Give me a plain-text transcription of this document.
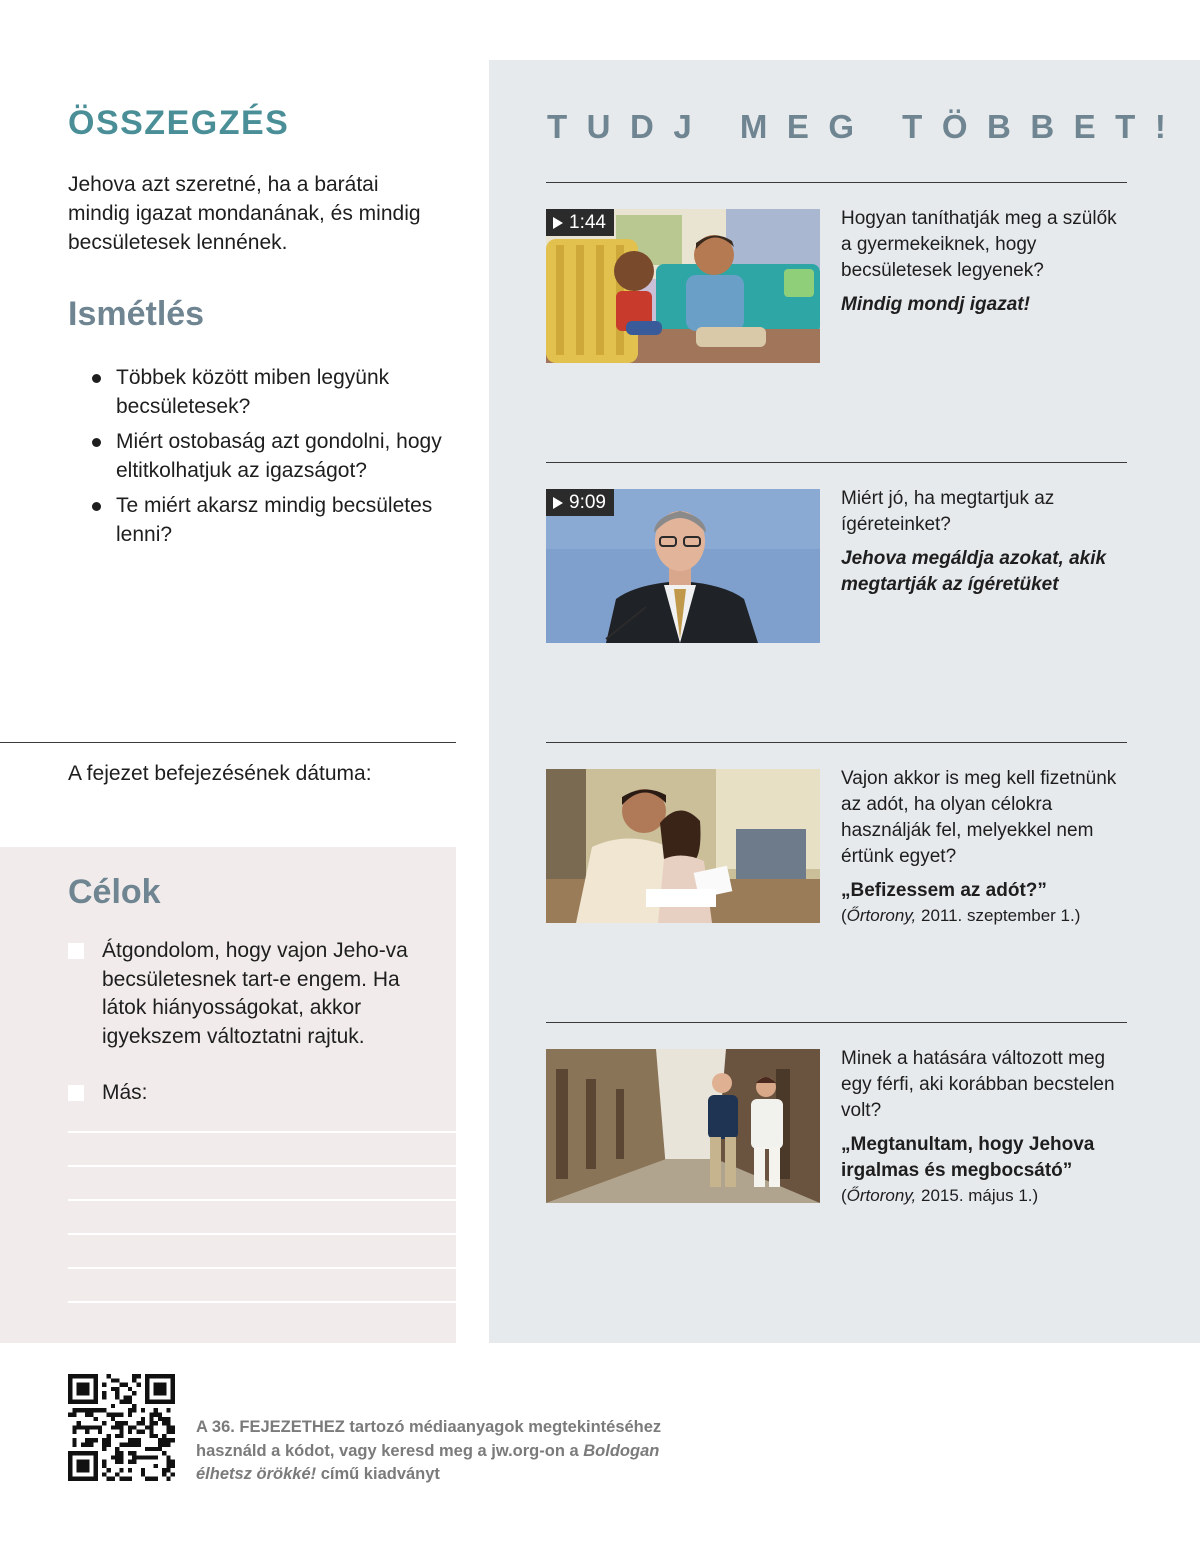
ÖSSZEGZÉS

Jehova azt szeretné, ha a barátai mindig igazat mondanának, és mindig becsületesek lennének.

Ismétlés
Többek között miben legyünk becsületesek?
Miért ostobaság azt gondolni, hogy eltitkolhatjuk az igazságot?
Te miért akarsz mindig becsületes lenni?
A fejezet befejezésének dátuma:
Célok
Átgondolom, hogy vajon Jeho-va becsületesnek tart-e engem. Ha látok hiányosságokat, akkor igyekszem változtatni rajtuk.
Más:
TUDJ MEG TÖBBET!
1:44	Hogyan taníthatják meg a szülők a gyermekeiknek, hogy becsületesek legyenek?
Mindig mondj igazat!
9:09	Miért jó, ha megtartjuk az ígéreteinket?
Jehova megáldja azokat, akik megtartják az ígéretüket
Vajon akkor is meg kell fizetnünk az adót, ha olyan célokra használják fel, melyekkel nem értünk egyet?
„Befizessem az adót?”
(Őrtorony, 2011. szeptember 1.)
Minek a hatására változott meg egy férfi, aki korábban becstelen volt?
„Megtanultam, hogy Jehova irgalmas és megbocsátó”
(Őrtorony, 2015. május 1.)

A 36. FEJEZETHEZ tartozó médiaanyagok megtekintéséhez használd a kódot, vagy keresd meg a jw.org-on a Boldogan élhetsz örökké! című kiadványt
